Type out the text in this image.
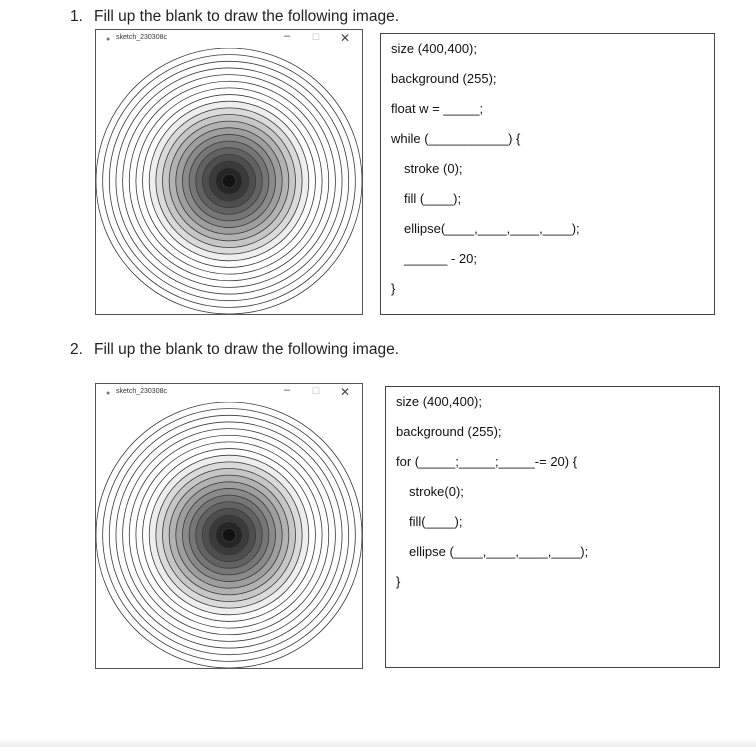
1. Fill up the blank to draw the following image.
● sketch_230308c	– ☐ ✕
size (400,400);
background (255);
float w = _____;
while (___________) {
stroke (0);
fill (____);
ellipse(____,____,____,____);
______ - 20;
}
2. Fill up the blank to draw the following image.
● sketch_230308c	– ☐ ✕
size (400,400);
background (255);
for (_____;_____;_____-= 20) {
stroke(0);
fill(____);
ellipse (____,____,____,____);
}
